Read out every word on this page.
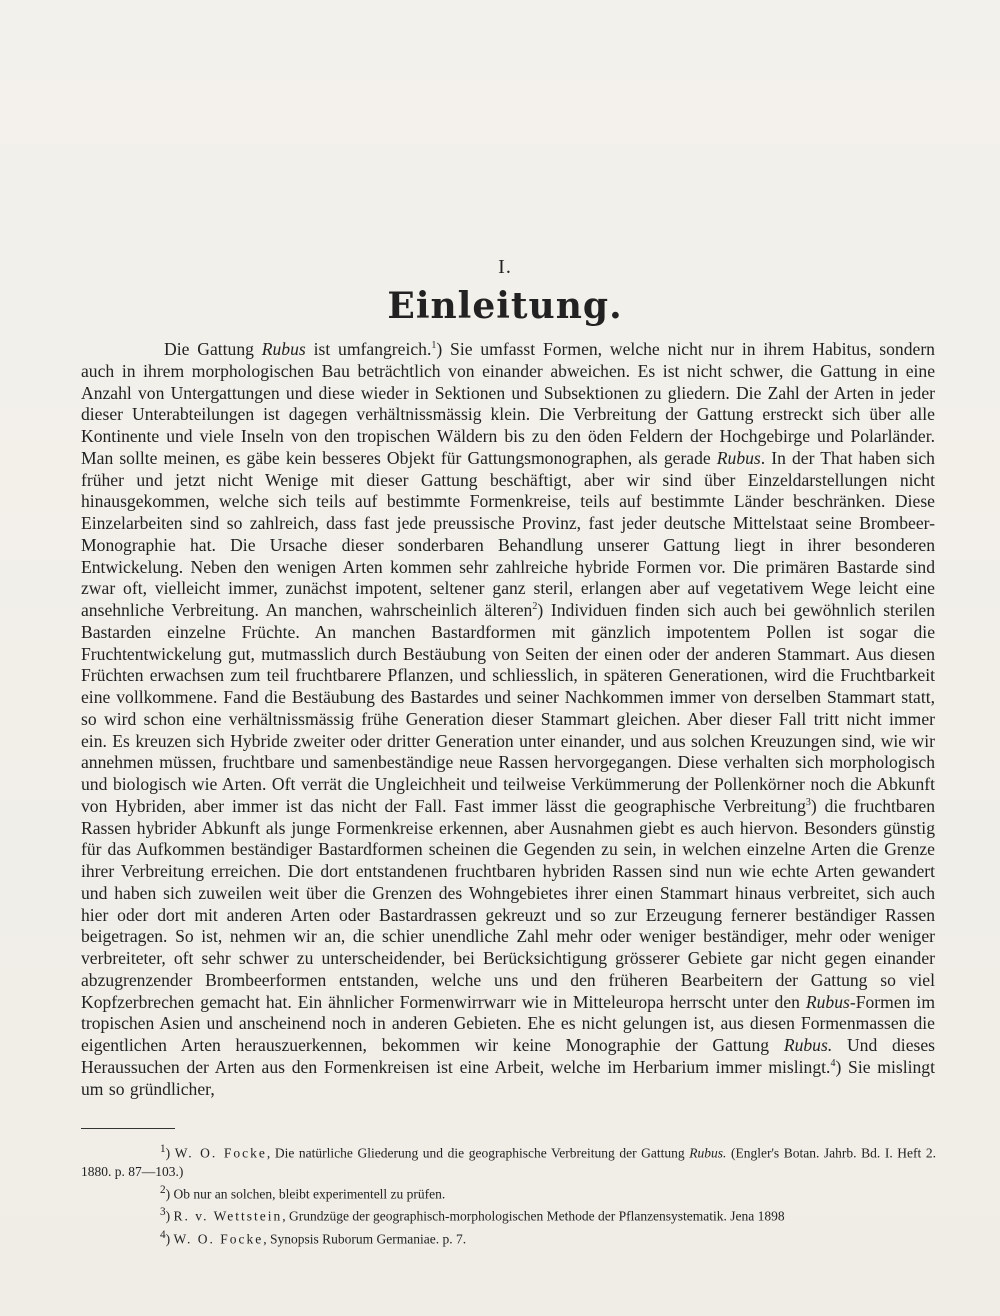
I.
Einleitung.

Die Gattung Rubus ist umfangreich.$^1$) Sie umfasst Formen, welche nicht nur in ihrem Habitus, sondern auch in ihrem morphologischen Bau beträchtlich von einander abweichen. Es ist nicht schwer, die Gattung in eine Anzahl von Untergattungen und diese wieder in Sektionen und Subsektionen zu gliedern. Die Zahl der Arten in jeder dieser Unterabteilungen ist dagegen verhältnissmässig klein. Die Verbreitung der Gattung erstreckt sich über alle Kontinente und viele Inseln von den tropischen Wäldern bis zu den öden Feldern der Hochgebirge und Polarländer. Man sollte meinen, es gäbe kein besseres Objekt für Gattungsmonographen, als gerade Rubus. In der That haben sich früher und jetzt nicht Wenige mit dieser Gattung beschäftigt, aber wir sind über Einzeldarstellungen nicht hinausgekommen, welche sich teils auf bestimmte Formenkreise, teils auf bestimmte Länder beschränken. Diese Einzelarbeiten sind so zahlreich, dass fast jede preussische Provinz, fast jeder deutsche Mittelstaat seine Brombeer-Monographie hat. Die Ursache dieser sonderbaren Behandlung unserer Gattung liegt in ihrer besonderen Entwickelung. Neben den wenigen Arten kommen sehr zahlreiche hybride Formen vor. Die primären Bastarde sind zwar oft, vielleicht immer, zunächst impotent, seltener ganz steril, erlangen aber auf vegetativem Wege leicht eine ansehnliche Verbreitung. An manchen, wahrscheinlich älteren$^2$) Individuen finden sich auch bei gewöhnlich sterilen Bastarden einzelne Früchte. An manchen Bastardformen mit gänzlich impotentem Pollen ist sogar die Fruchtentwickelung gut, mutmasslich durch Bestäubung von Seiten der einen oder der anderen Stammart. Aus diesen Früchten erwachsen zum teil fruchtbarere Pflanzen, und schliesslich, in späteren Generationen, wird die Fruchtbarkeit eine vollkommene. Fand die Bestäubung des Bastardes und seiner Nachkommen immer von derselben Stammart statt, so wird schon eine verhältnissmässig frühe Generation dieser Stammart gleichen. Aber dieser Fall tritt nicht immer ein. Es kreuzen sich Hybride zweiter oder dritter Generation unter einander, und aus solchen Kreuzungen sind, wie wir annehmen müssen, fruchtbare und samenbeständige neue Rassen hervorgegangen. Diese verhalten sich morphologisch und biologisch wie Arten. Oft verrät die Ungleichheit und teilweise Verkümmerung der Pollenkörner noch die Abkunft von Hybriden, aber immer ist das nicht der Fall. Fast immer lässt die geographische Verbreitung$^3$) die fruchtbaren Rassen hybrider Abkunft als junge Formenkreise erkennen, aber Ausnahmen giebt es auch hiervon. Besonders günstig für das Aufkommen beständiger Bastardformen scheinen die Gegenden zu sein, in welchen einzelne Arten die Grenze ihrer Verbreitung erreichen. Die dort entstandenen fruchtbaren hybriden Rassen sind nun wie echte Arten gewandert und haben sich zuweilen weit über die Grenzen des Wohngebietes ihrer einen Stammart hinaus verbreitet, sich auch hier oder dort mit anderen Arten oder Bastardrassen gekreuzt und so zur Erzeugung fernerer beständiger Rassen beigetragen. So ist, nehmen wir an, die schier unendliche Zahl mehr oder weniger beständiger, mehr oder weniger verbreiteter, oft sehr schwer zu unterscheidender, bei Berücksichtigung grösserer Gebiete gar nicht gegen einander abzugrenzender Brombeerformen entstanden, welche uns und den früheren Bearbeitern der Gattung so viel Kopfzerbrechen gemacht hat. Ein ähnlicher Formenwirrwarr wie in Mitteleuropa herrscht unter den Rubus-Formen im tropischen Asien und anscheinend noch in anderen Gebieten. Ehe es nicht gelungen ist, aus diesen Formenmassen die eigentlichen Arten herauszuerkennen, bekommen wir keine Monographie der Gattung Rubus. Und dieses Heraussuchen der Arten aus den Formenkreisen ist eine Arbeit, welche im Herbarium immer mislingt.$^4$) Sie mislingt um so gründlicher,

$^1$) W. O. Focke, Die natürliche Gliederung und die geographische Verbreitung der Gattung Rubus. (Engler's Botan. Jahrb. Bd. I. Heft 2. 1880. p. 87—103.)

$^2$) Ob nur an solchen, bleibt experimentell zu prüfen.

$^3$) R. v. Wettstein, Grundzüge der geographisch-morphologischen Methode der Pflanzensystematik. Jena 1898

$^4$) W. O. Focke, Synopsis Ruborum Germaniae. p. 7.
